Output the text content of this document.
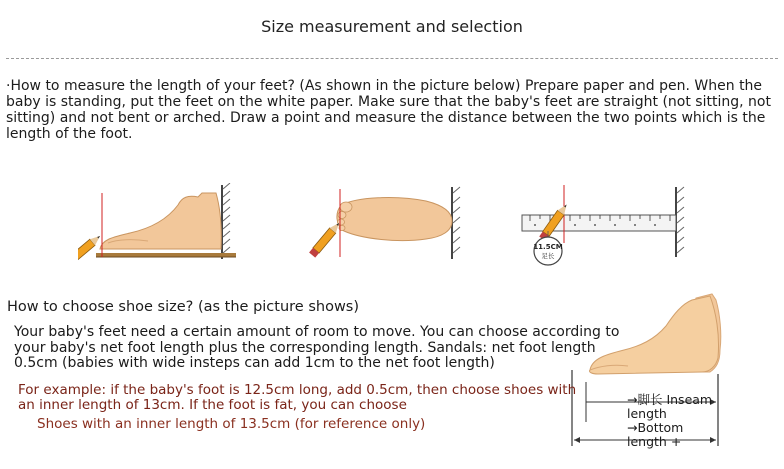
Size measurement and selection
·How to measure the length of your feet? (As shown in the picture below) Prepare paper and pen. When the baby is standing, put the feet on the white paper. Make sure that the baby's feet are straight (not sitting, not sitting) and not bent or arched. Draw a point and measure the distance between the two points which is the length of the foot.
11.5CM
足长
→脚长 Inseam
length
→Bottom
length +
How to choose shoe size? (as the picture shows)
Your baby's feet need a certain amount of room to move. You can choose according to your baby's net foot length plus the corresponding length. Sandals: net foot length 0.5cm (babies with wide insteps can add 1cm to the net foot length)
For example: if the baby's foot is 12.5cm long, add 0.5cm, then choose shoes with an inner length of 13cm. If the foot is fat, you can choose
Shoes with an inner length of 13.5cm (for reference only)
